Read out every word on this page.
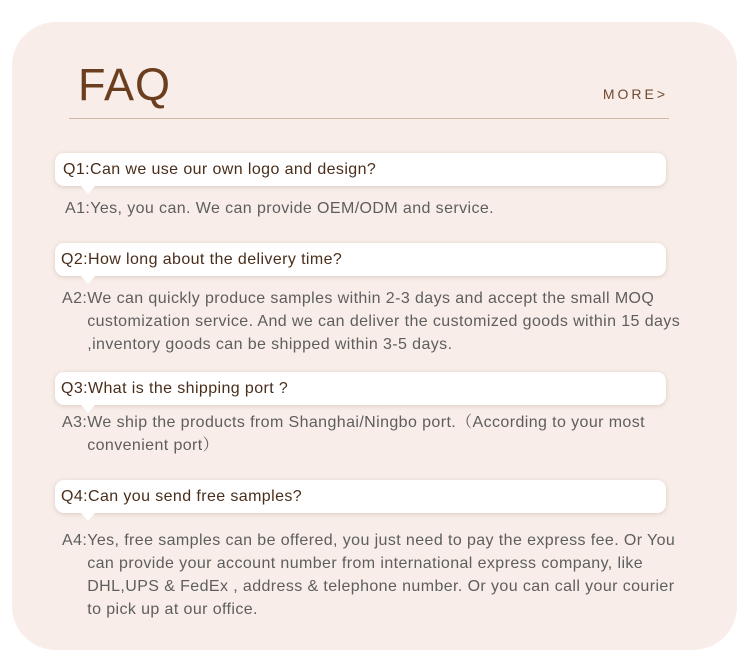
FAQ	MORE>
Q1:Can we use our own logo and design?
A1: Yes, you can. We can provide OEM/ODM and service.
Q2:How long about the delivery time?
A2: We can quickly produce samples within 2-3 days and accept the small MOQ customization service. And we can deliver the customized goods within 15 days ,inventory goods can be shipped within 3-5 days.
Q3:What is the shipping port ?
A3: We ship the products from Shanghai/Ningbo port.（According to your most convenient port）
Q4:Can you send free samples?
A4: Yes, free samples can be offered, you just need to pay the express fee. Or You can provide your account number from international express company, like DHL,UPS & FedEx , address & telephone number. Or you can call your courier to pick up at our office.
